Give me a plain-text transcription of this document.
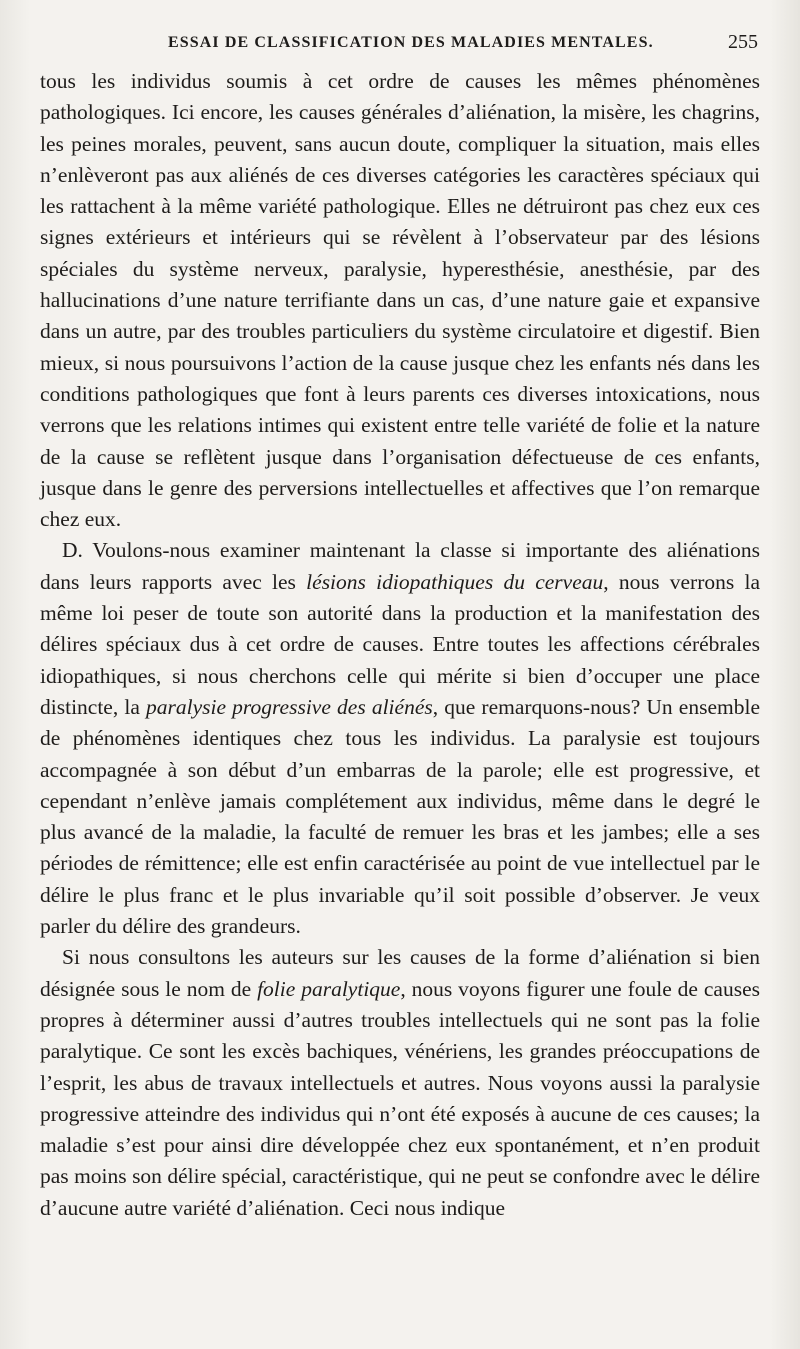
ESSAI DE CLASSIFICATION DES MALADIES MENTALES.	255

tous les individus soumis à cet ordre de causes les mêmes phénomènes pathologiques. Ici encore, les causes générales d’aliénation, la misère, les chagrins, les peines morales, peuvent, sans aucun doute, compliquer la situation, mais elles n’enlèveront pas aux aliénés de ces diverses catégories les caractères spéciaux qui les rattachent à la même variété pathologique. Elles ne détruiront pas chez eux ces signes extérieurs et intérieurs qui se révèlent à l’observateur par des lésions spéciales du système nerveux, paralysie, hyperesthésie, anesthésie, par des hallucinations d’une nature terrifiante dans un cas, d’une nature gaie et expansive dans un autre, par des troubles particuliers du système circulatoire et digestif. Bien mieux, si nous poursuivons l’action de la cause jusque chez les enfants nés dans les conditions pathologiques que font à leurs parents ces diverses intoxications, nous verrons que les relations intimes qui existent entre telle variété de folie et la nature de la cause se reflètent jusque dans l’organisation défectueuse de ces enfants, jusque dans le genre des perversions intellectuelles et affectives que l’on remarque chez eux.

D. Voulons-nous examiner maintenant la classe si importante des aliénations dans leurs rapports avec les lésions idiopathiques du cerveau, nous verrons la même loi peser de toute son autorité dans la production et la manifestation des délires spéciaux dus à cet ordre de causes. Entre toutes les affections cérébrales idiopathiques, si nous cherchons celle qui mérite si bien d’occuper une place distincte, la paralysie progressive des aliénés, que remarquons-nous? Un ensemble de phénomènes identiques chez tous les individus. La paralysie est toujours accompagnée à son début d’un embarras de la parole; elle est progressive, et cependant n’enlève jamais complétement aux individus, même dans le degré le plus avancé de la maladie, la faculté de remuer les bras et les jambes; elle a ses périodes de rémittence; elle est enfin caractérisée au point de vue intellectuel par le délire le plus franc et le plus invariable qu’il soit possible d’observer. Je veux parler du délire des grandeurs.

Si nous consultons les auteurs sur les causes de la forme d’aliénation si bien désignée sous le nom de folie paralytique, nous voyons figurer une foule de causes propres à déterminer aussi d’autres troubles intellectuels qui ne sont pas la folie paralytique. Ce sont les excès bachiques, vénériens, les grandes préoccupations de l’esprit, les abus de travaux intellectuels et autres. Nous voyons aussi la paralysie progressive atteindre des individus qui n’ont été exposés à aucune de ces causes; la maladie s’est pour ainsi dire développée chez eux spontanément, et n’en produit pas moins son délire spécial, caractéristique, qui ne peut se confondre avec le délire d’aucune autre variété d’aliénation. Ceci nous indique
